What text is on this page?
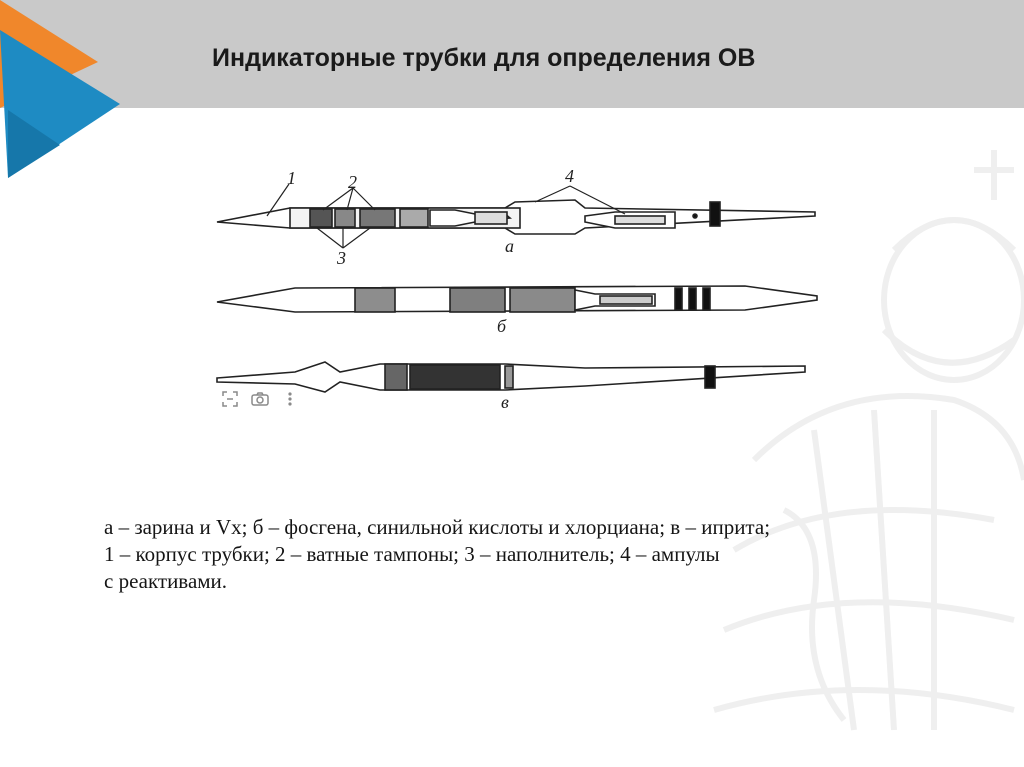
Индикаторные трубки для определения ОВ
1	2
3
4
а
б
в
а – зарина и Vx; б – фосгена, синильной кислоты и хлорциана; в – иприта;
1 – корпус трубки; 2 – ватные тампоны; 3 – наполнитель; 4 – ампулы
с реактивами.
